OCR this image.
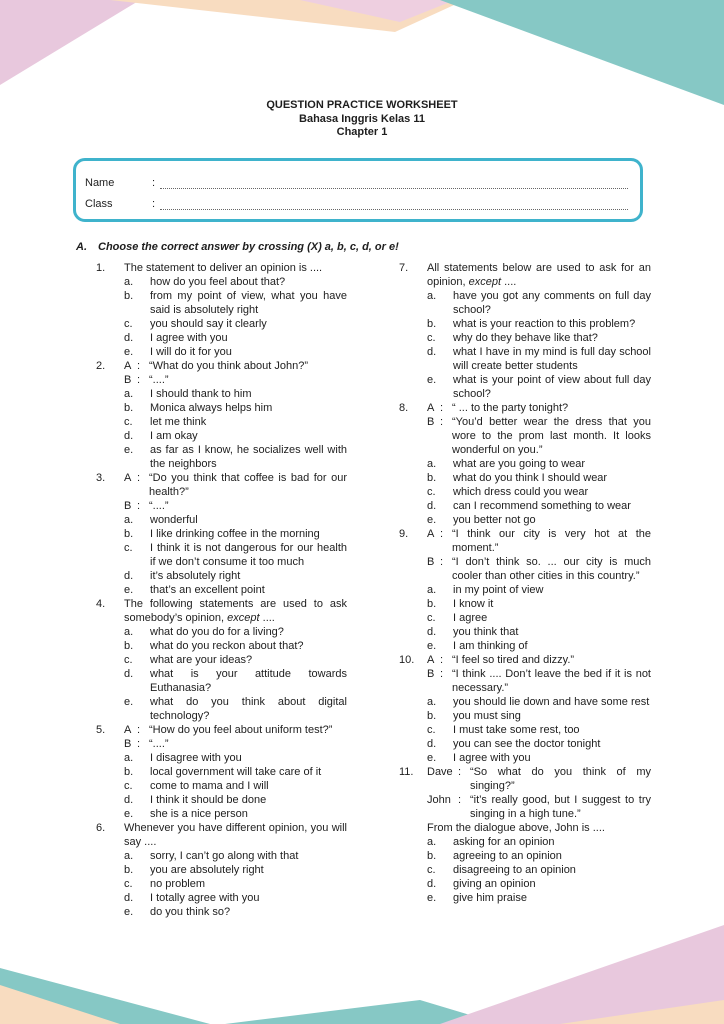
QUESTION PRACTICE WORKSHEET
Bahasa Inggris Kelas 11
Chapter 1
Name	:
Class	:
A. Choose the correct answer by crossing (X) a, b, c, d, or e!
1.	The statement to deliver an opinion is ....
a.	how do you feel about that?
b.	from my point of view, what you have said is absolutely right
c.	you should say it clearly
d.	I agree with you
e.	I will do it for you
2.	A : “What do you think about John?”
B : “....”
a.	I should thank to him
b.	Monica always helps him
c.	let me think
d.	I am okay
e.	as far as I know, he socializes well with the neighbors
3.	A : “Do you think that coffee is bad for our health?”
B : “....”
a.	wonderful
b.	I like drinking coffee in the morning
c.	I think it is not dangerous for our health if we don’t consume it too much
d.	it’s absolutely right
e.	that’s an excellent point
4.	The following statements are used to ask somebody’s opinion, except ....
a.	what do you do for a living?
b.	what do you reckon about that?
c.	what are your ideas?
d.	what is your attitude towards Euthanasia?
e.	what do you think about digital technology?
5.	A : “How do you feel about uniform test?”
B : “....”
a.	I disagree with you
b.	local government will take care of it
c.	come to mama and I will
d.	I think it should be done
e.	she is a nice person
6.	Whenever you have different opinion, you will say ....
a.	sorry, I can’t go along with that
b.	you are absolutely right
c.	no problem
d.	I totally agree with you
e.	do you think so?
7.	All statements below are used to ask for an opinion, except ....
a.	have you got any comments on full day school?
b.	what is your reaction to this problem?
c.	why do they behave like that?
d.	what I have in my mind is full day school will create better students
e.	what is your point of view about full day school?
8.	A : “ ... to the party tonight?
B : “You’d better wear the dress that you wore to the prom last month. It looks wonderful on you.”
a.	what are you going to wear
b.	what do you think I should wear
c.	which dress could you wear
d.	can I recommend something to wear
e.	you better not go
9.	A : “I think our city is very hot at the moment.”
B : “I don’t think so. ... our city is much cooler than other cities in this country.”
a.	in my point of view
b.	I know it
c.	I agree
d.	you think that
e.	I am thinking of
10.	A : “I feel so tired and dizzy.”
B : “I think .... Don’t leave the bed if it is not necessary.”
a.	you should lie down and have some rest
b.	you must sing
c.	I must take some rest, too
d.	you can see the doctor tonight
e.	I agree with you
11.	Dave : “So what do you think of my singing?”
John : “it’s really good, but I suggest to try singing in a high tune.”
From the dialogue above, John is ....
a.	asking for an opinion
b.	agreeing to an opinion
c.	disagreeing to an opinion
d.	giving an opinion
e.	give him praise
